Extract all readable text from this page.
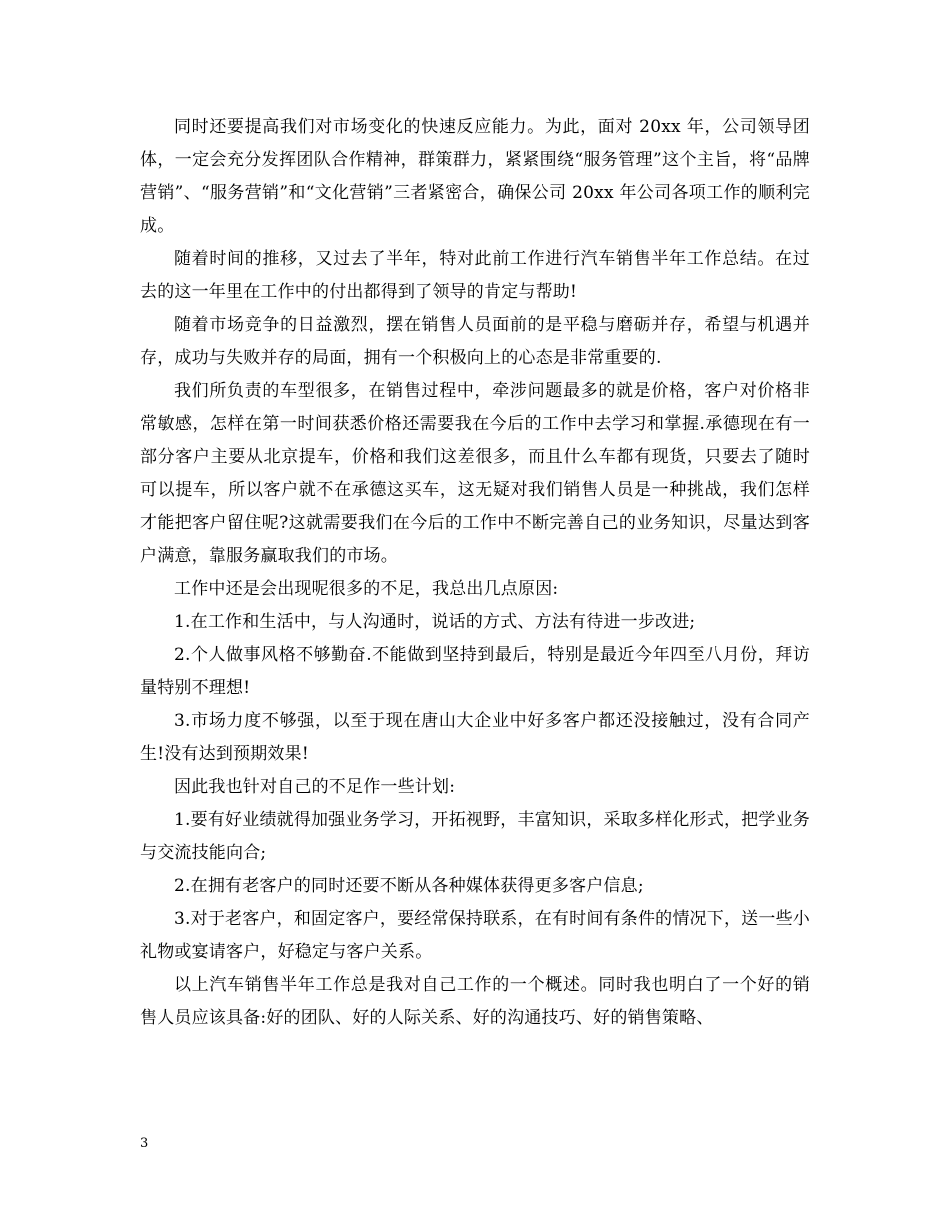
同时还要提高我们对市场变化的快速反应能力。为此，面对 20xx 年，公司领导团体，一定会充分发挥团队合作精神，群策群力，紧紧围绕“服务管理”这个主旨，将“品牌营销”、“服务营销”和“文化营销”三者紧密合，确保公司 20xx 年公司各项工作的顺利完成。

随着时间的推移，又过去了半年，特对此前工作进行汽车销售半年工作总结。在过去的这一年里在工作中的付出都得到了领导的肯定与帮助!

随着市场竞争的日益激烈，摆在销售人员面前的是平稳与磨砺并存，希望与机遇并存，成功与失败并存的局面，拥有一个积极向上的心态是非常重要的.

我们所负责的车型很多，在销售过程中，牵涉问题最多的就是价格，客户对价格非常敏感，怎样在第一时间获悉价格还需要我在今后的工作中去学习和掌握.承德现在有一部分客户主要从北京提车，价格和我们这差很多，而且什么车都有现货，只要去了随时可以提车，所以客户就不在承德这买车，这无疑对我们销售人员是一种挑战，我们怎样才能把客户留住呢?这就需要我们在今后的工作中不断完善自己的业务知识，尽量达到客户满意，靠服务赢取我们的市场。

工作中还是会出现呢很多的不足，我总出几点原因:

1.在工作和生活中，与人沟通时，说话的方式、方法有待进一步改进;

2.个人做事风格不够勤奋.不能做到坚持到最后，特别是最近今年四至八月份，拜访量特别不理想!

3.市场力度不够强，以至于现在唐山大企业中好多客户都还没接触过，没有合同产生!没有达到预期效果!

因此我也针对自己的不足作一些计划:

1.要有好业绩就得加强业务学习，开拓视野，丰富知识，采取多样化形式，把学业务与交流技能向合;

2.在拥有老客户的同时还要不断从各种媒体获得更多客户信息;

3.对于老客户，和固定客户，要经常保持联系，在有时间有条件的情况下，送一些小礼物或宴请客户，好稳定与客户关系。

以上汽车销售半年工作总是我对自己工作的一个概述。同时我也明白了一个好的销售人员应该具备:好的团队、好的人际关系、好的沟通技巧、好的销售策略、

3
